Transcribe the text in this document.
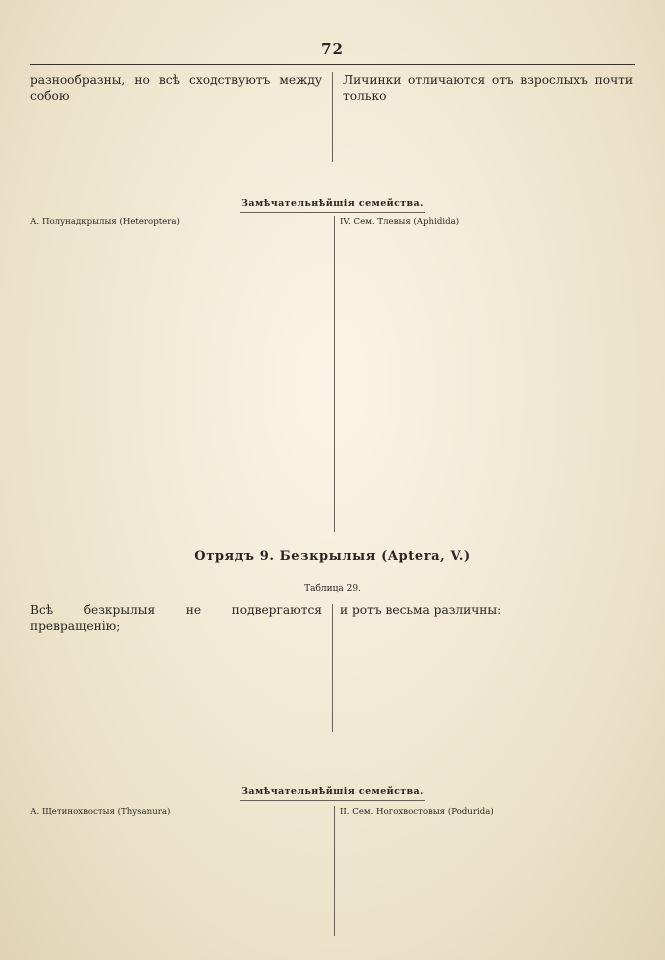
72

разнообразны, но всѣ сходствуютъ между собою

Личинки отличаются отъ взрослыхъ почти только

Замѣчательнѣйшія семейства.

А. Полунадкрылыя (Heteroptera)	IV. Сем. Тлевыя (Aphidida)

Отрядъ 9. Безкрылыя (Aptera, V.)
Таблица 29.

Всѣ безкрылыя не подвергаются превращенію;

и ротъ весьма различны:

Замѣчательнѣйшія семейства.

А. Щетинохвостыя (Thysanura)	II. Сем. Ногохвостовыя (Podurida)
